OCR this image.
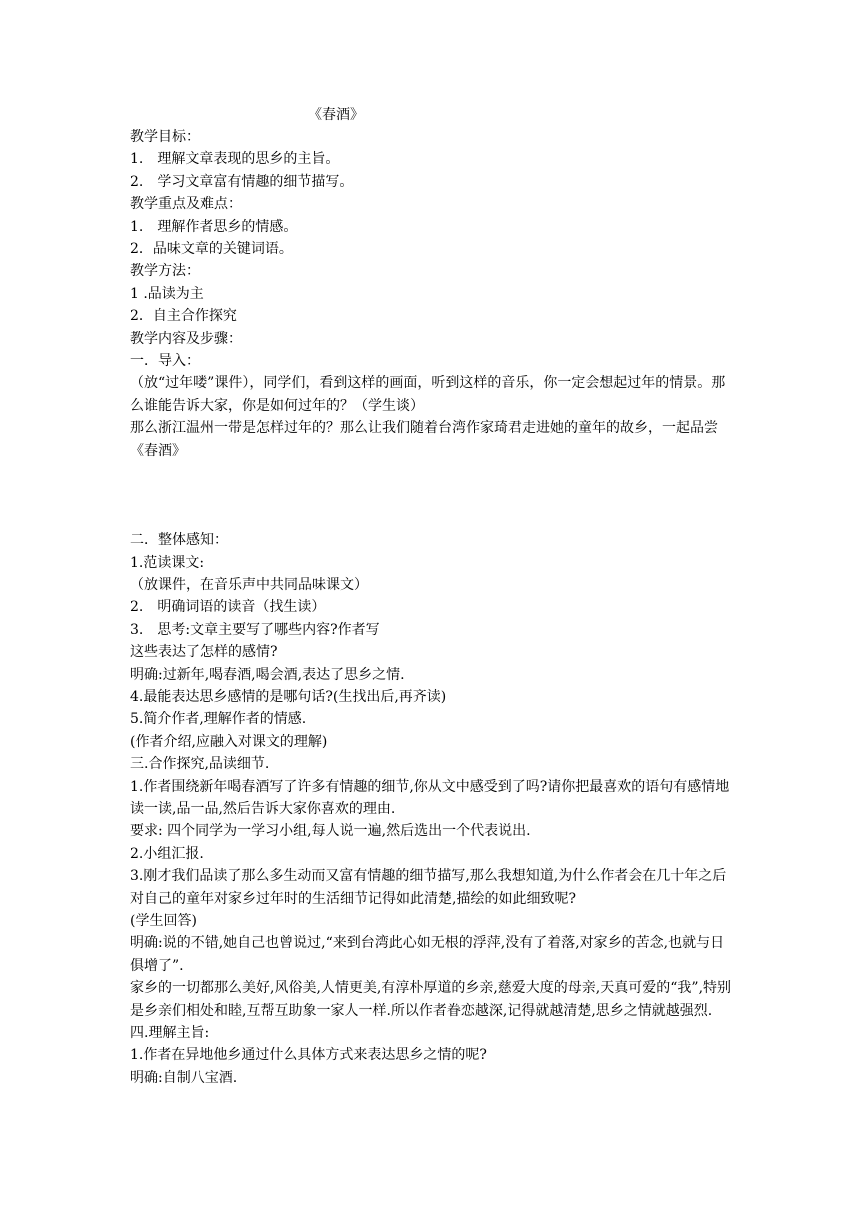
《春酒》
教学目标：
1.　理解文章表现的思乡的主旨。
2.　学习文章富有情趣的细节描写。
教学重点及难点：
1.　理解作者思乡的情感。
2．品味文章的关键词语。
教学方法：
1 .品读为主
2．自主合作探究
教学内容及步骤：
一．导入：
（放“过年喽”课件），同学们，看到这样的画面，听到这样的音乐，你一定会想起过年的情景。那么谁能告诉大家，你是如何过年的？（学生谈）
那么浙江温州一带是怎样过年的？那么让我们随着台湾作家琦君走进她的童年的故乡，一起品尝《春酒》
二．整体感知：
1.范读课文:
（放课件，在音乐声中共同品味课文）
2.　明确词语的读音（找生读）
3.　思考:文章主要写了哪些内容?作者写
这些表达了怎样的感情?
明确:过新年,喝春酒,喝会酒,表达了思乡之情.
4.最能表达思乡感情的是哪句话?(生找出后,再齐读)
5.简介作者,理解作者的情感.
(作者介绍,应融入对课文的理解)
三.合作探究,品读细节.
1.作者围绕新年喝春酒写了许多有情趣的细节,你从文中感受到了吗?请你把最喜欢的语句有感情地读一读,品一品,然后告诉大家你喜欢的理由.
要求: 四个同学为一学习小组,每人说一遍,然后选出一个代表说出.
2.小组汇报.
3.刚才我们品读了那么多生动而又富有情趣的细节描写,那么我想知道,为什么作者会在几十年之后对自己的童年对家乡过年时的生活细节记得如此清楚,描绘的如此细致呢?
(学生回答)
明确:说的不错,她自己也曾说过,“来到台湾此心如无根的浮萍,没有了着落,对家乡的苦念,也就与日俱增了”.
家乡的一切都那么美好,风俗美,人情更美,有淳朴厚道的乡亲,慈爱大度的母亲,天真可爱的“我”,特别是乡亲们相处和睦,互帮互助象一家人一样.所以作者眷恋越深,记得就越清楚,思乡之情就越强烈.
四.理解主旨:
1.作者在异地他乡通过什么具体方式来表达思乡之情的呢?
明确:自制八宝酒.
